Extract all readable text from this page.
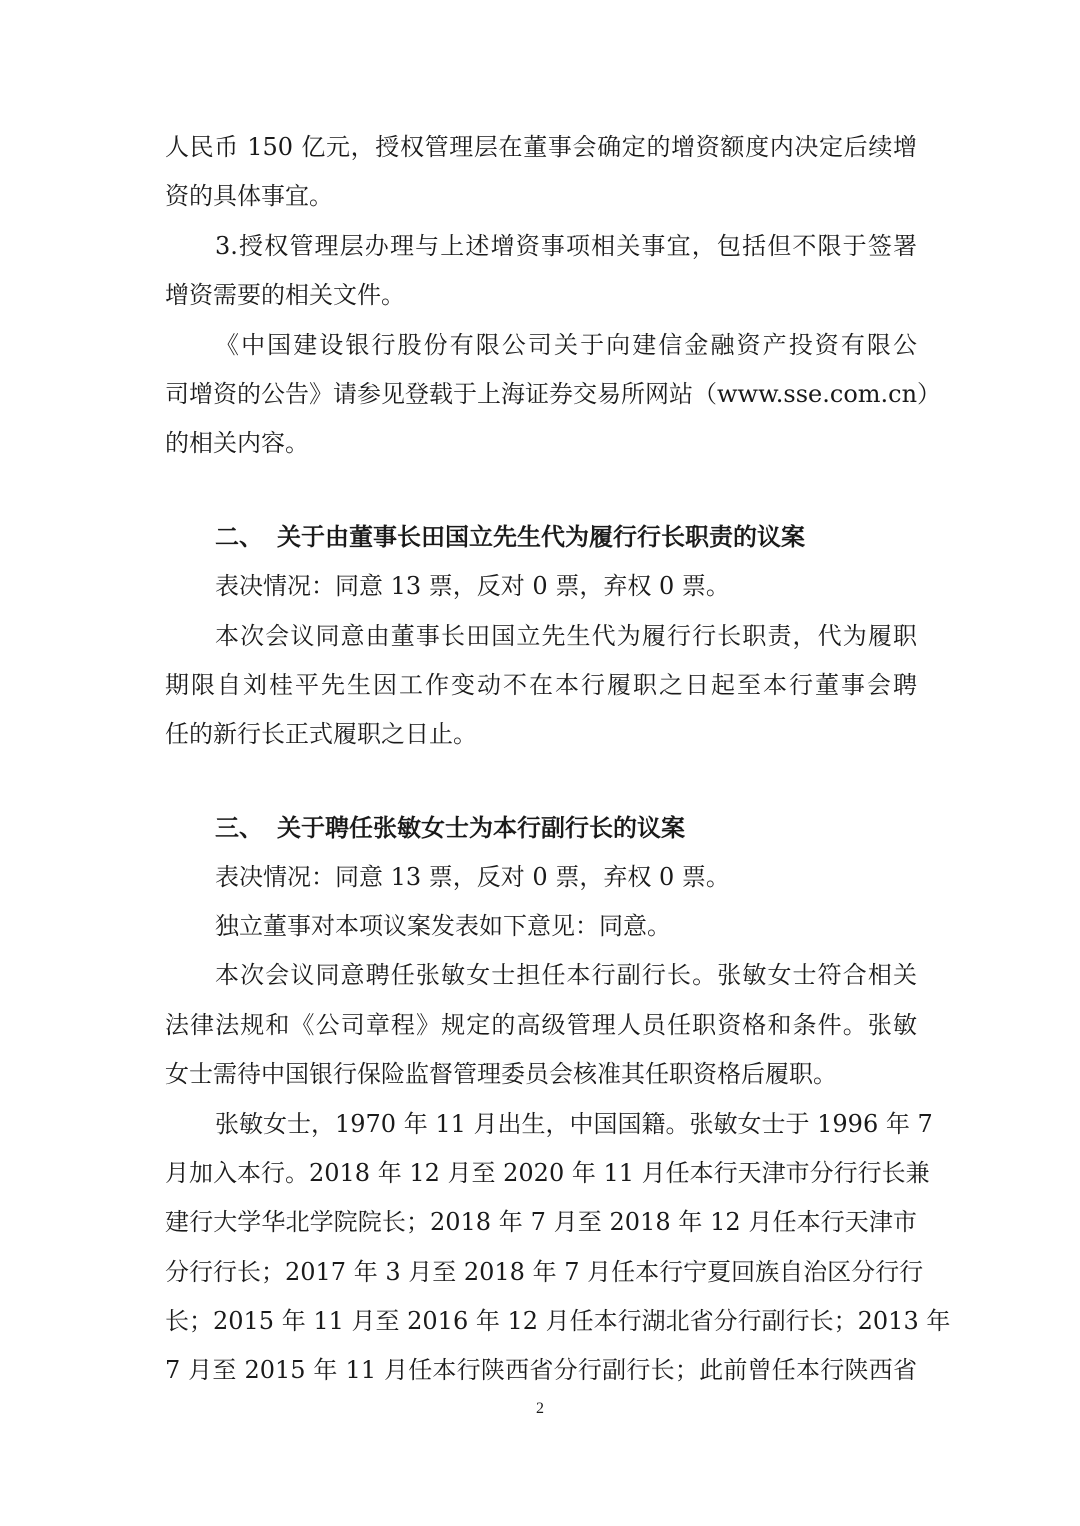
人民币 150 亿元，授权管理层在董事会确定的增资额度内决定后续增
资的具体事宜。
3.授权管理层办理与上述增资事项相关事宜，包括但不限于签署
增资需要的相关文件。
《中国建设银行股份有限公司关于向建信金融资产投资有限公
司增资的公告》请参见登载于上海证券交易所网站（www.sse.com.cn）
的相关内容。
二、 关于由董事长田国立先生代为履行行长职责的议案
表决情况：同意 13 票，反对 0 票，弃权 0 票。
本次会议同意由董事长田国立先生代为履行行长职责，代为履职
期限自刘桂平先生因工作变动不在本行履职之日起至本行董事会聘
任的新行长正式履职之日止。
三、 关于聘任张敏女士为本行副行长的议案
表决情况：同意 13 票，反对 0 票，弃权 0 票。
独立董事对本项议案发表如下意见：同意。
本次会议同意聘任张敏女士担任本行副行长。张敏女士符合相关
法律法规和《公司章程》规定的高级管理人员任职资格和条件。张敏
女士需待中国银行保险监督管理委员会核准其任职资格后履职。
张敏女士，1970 年 11 月出生，中国国籍。张敏女士于 1996 年 7
月加入本行。2018 年 12 月至 2020 年 11 月任本行天津市分行行长兼
建行大学华北学院院长；2018 年 7 月至 2018 年 12 月任本行天津市
分行行长；2017 年 3 月至 2018 年 7 月任本行宁夏回族自治区分行行
长；2015 年 11 月至 2016 年 12 月任本行湖北省分行副行长；2013 年
7 月至 2015 年 11 月任本行陕西省分行副行长；此前曾任本行陕西省
2
